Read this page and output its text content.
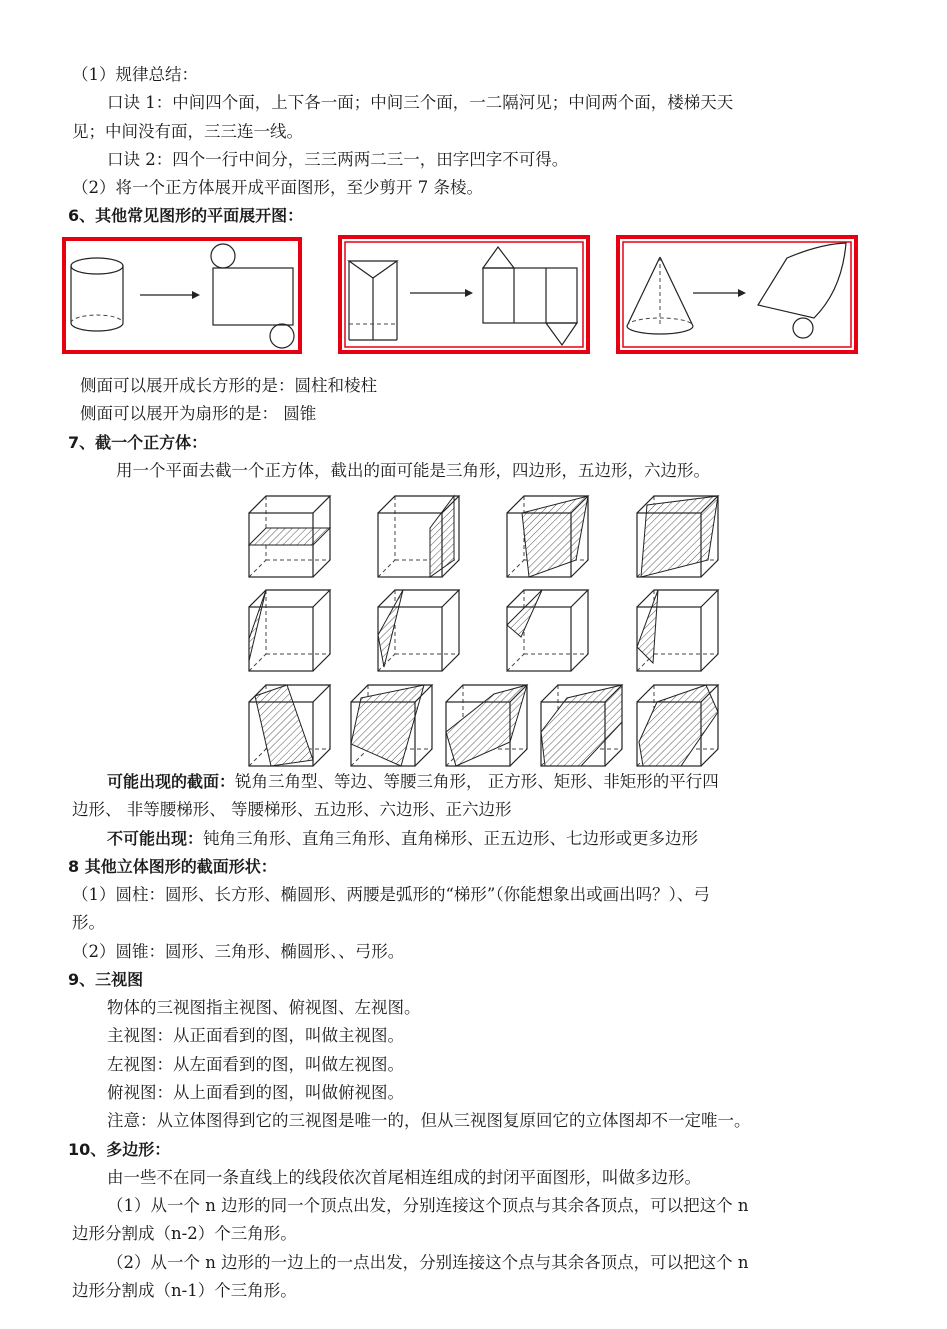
（1）规律总结：
口诀 1：中间四个面，上下各一面；中间三个面，一二隔河见；中间两个面，楼梯天天
见；中间没有面，三三连一线。
口诀 2：四个一行中间分，三三两两二三一，田字凹字不可得。
（2）将一个正方体展开成平面图形，至少剪开 7 条棱。
6、其他常见图形的平面展开图：
侧面可以展开成长方形的是：圆柱和棱柱
侧面可以展开为扇形的是： 圆锥
7、截一个正方体：
用一个平面去截一个正方体，截出的面可能是三角形，四边形，五边形，六边形。
可能出现的截面：锐角三角型、等边、等腰三角形， 正方形、矩形、非矩形的平行四
边形、 非等腰梯形、 等腰梯形、五边形、六边形、正六边形
不可能出现：钝角三角形、直角三角形、直角梯形、正五边形、七边形或更多边形
8 其他立体图形的截面形状：
（1）圆柱：圆形、长方形、椭圆形、两腰是弧形的“梯形”（你能想象出或画出吗？）、弓
形。
（2）圆锥：圆形、三角形、椭圆形、、弓形。
9、三视图
物体的三视图指主视图、俯视图、左视图。
主视图：从正面看到的图，叫做主视图。
左视图：从左面看到的图，叫做左视图。
俯视图：从上面看到的图，叫做俯视图。
注意：从立体图得到它的三视图是唯一的，但从三视图复原回它的立体图却不一定唯一。
10、多边形：
由一些不在同一条直线上的线段依次首尾相连组成的封闭平面图形，叫做多边形。
（1）从一个 n 边形的同一个顶点出发，分别连接这个顶点与其余各顶点，可以把这个 n
边形分割成（n-2）个三角形。
（2）从一个 n 边形的一边上的一点出发，分别连接这个点与其余各顶点，可以把这个 n
边形分割成（n-1）个三角形。
